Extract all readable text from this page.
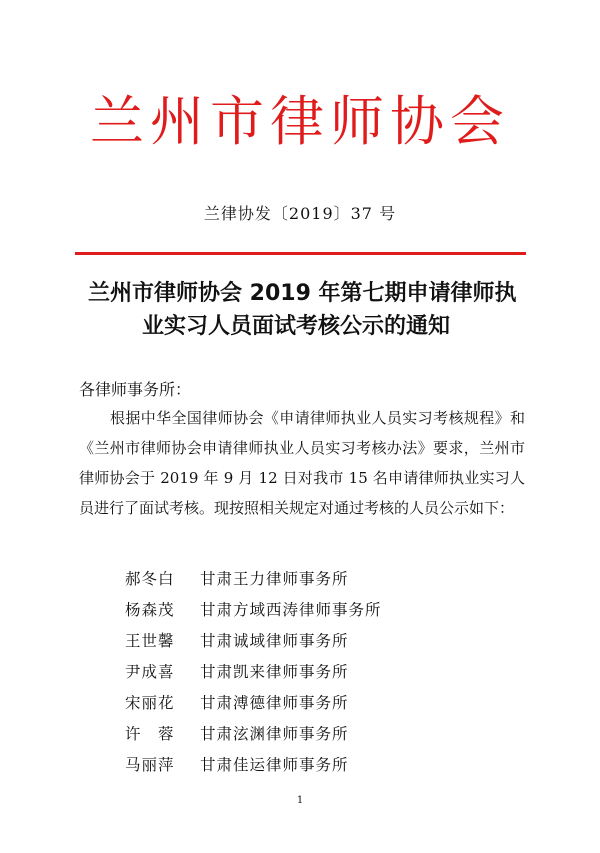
兰州市律师协会
兰律协发〔2019〕37 号
兰州市律师协会 2019 年第七期申请律师执
业实习人员面试考核公示的通知
各律师事务所：
根据中华全国律师协会《申请律师执业人员实习考核规程》和《兰州市律师协会申请律师执业人员实习考核办法》要求，兰州市律师协会于 2019 年 9 月 12 日对我市 15 名申请律师执业实习人员进行了面试考核。现按照相关规定对通过考核的人员公示如下：
郝冬白	甘肃王力律师事务所
杨森茂	甘肃方域西涛律师事务所
王世馨	甘肃诚域律师事务所
尹成喜	甘肃凯来律师事务所
宋丽花	甘肃溥德律师事务所
许　蓉	甘肃泫渊律师事务所
马丽萍	甘肃佳运律师事务所
1
